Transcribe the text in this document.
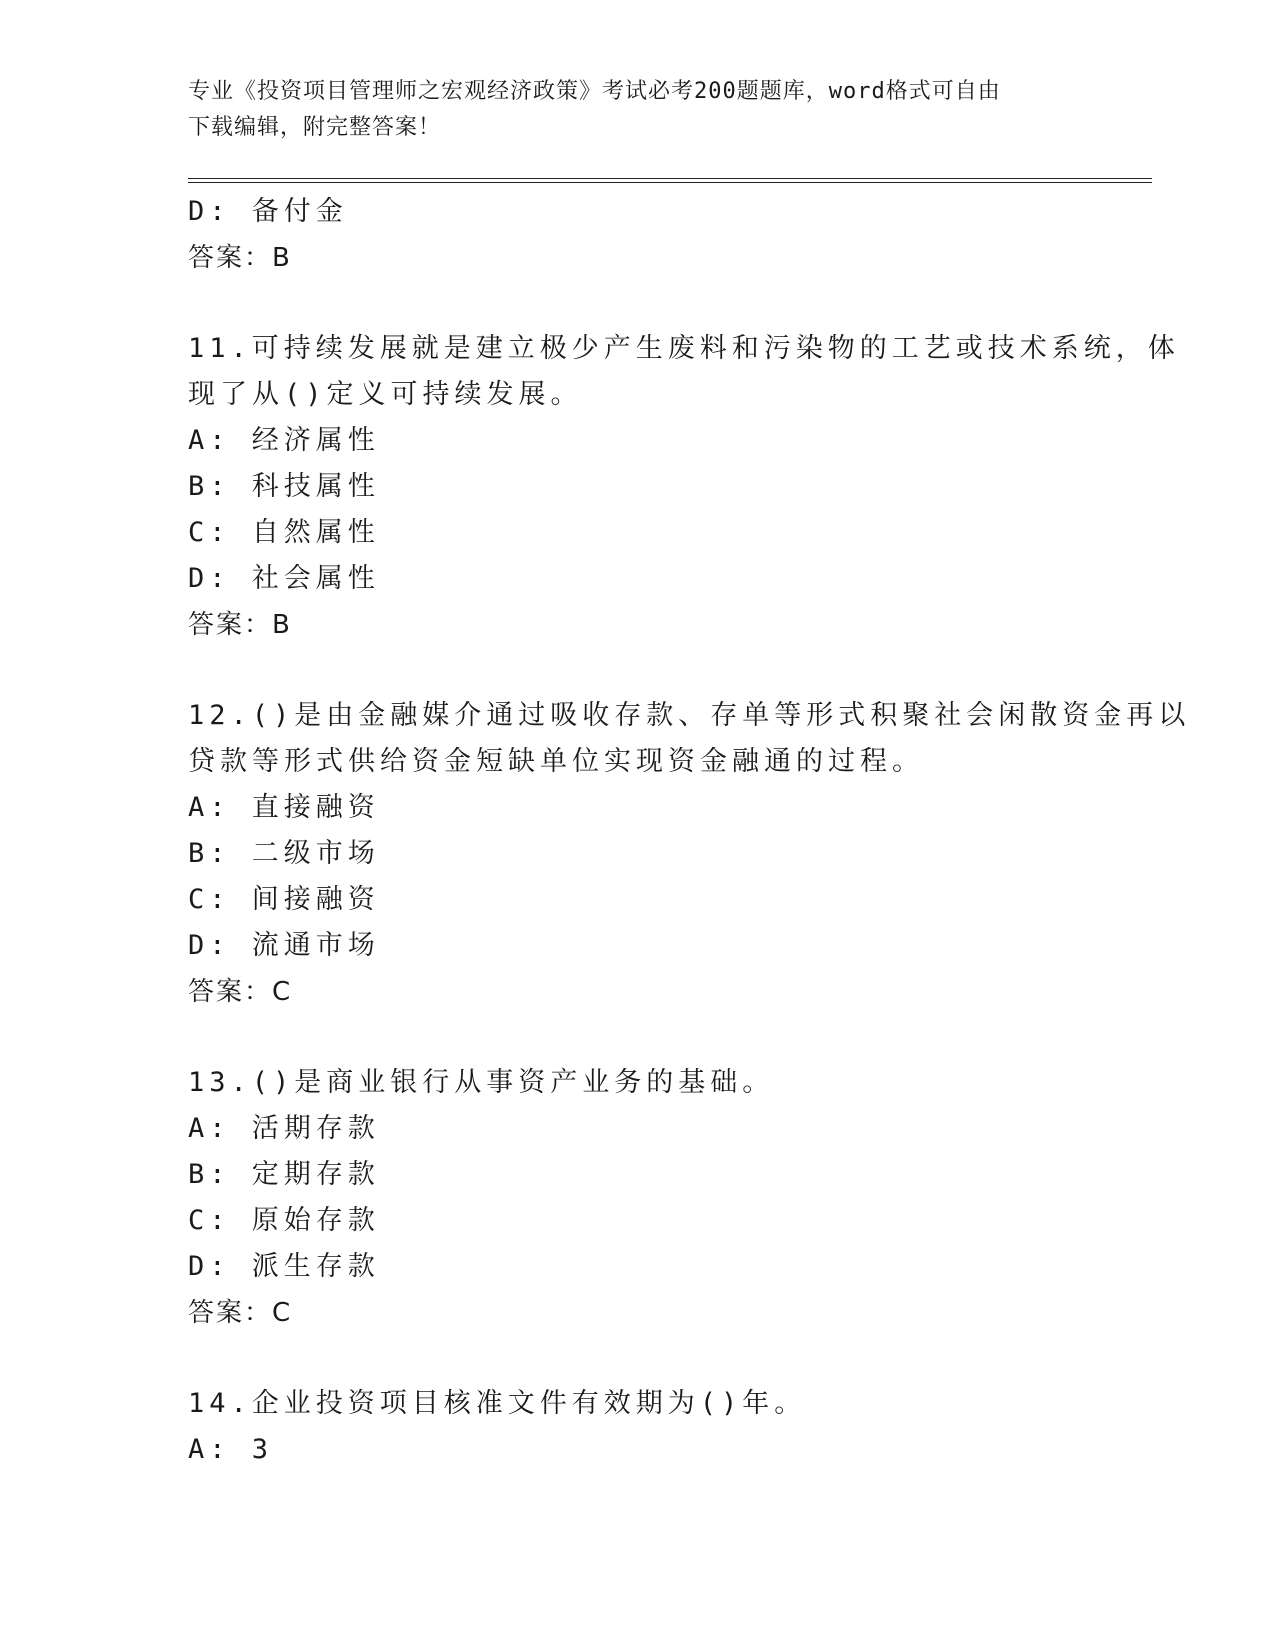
专业《投资项目管理师之宏观经济政策》考试必考200题题库，word格式可自由
下载编辑，附完整答案！
D: 备付金
答案：B
11.可持续发展就是建立极少产生废料和污染物的工艺或技术系统，体
现了从()定义可持续发展。
A: 经济属性
B: 科技属性
C: 自然属性
D: 社会属性
答案：B
12.()是由金融媒介通过吸收存款、存单等形式积聚社会闲散资金再以
贷款等形式供给资金短缺单位实现资金融通的过程。
A: 直接融资
B: 二级市场
C: 间接融资
D: 流通市场
答案：C
13.()是商业银行从事资产业务的基础。
A: 活期存款
B: 定期存款
C: 原始存款
D: 派生存款
答案：C
14.企业投资项目核准文件有效期为()年。
A: 3
